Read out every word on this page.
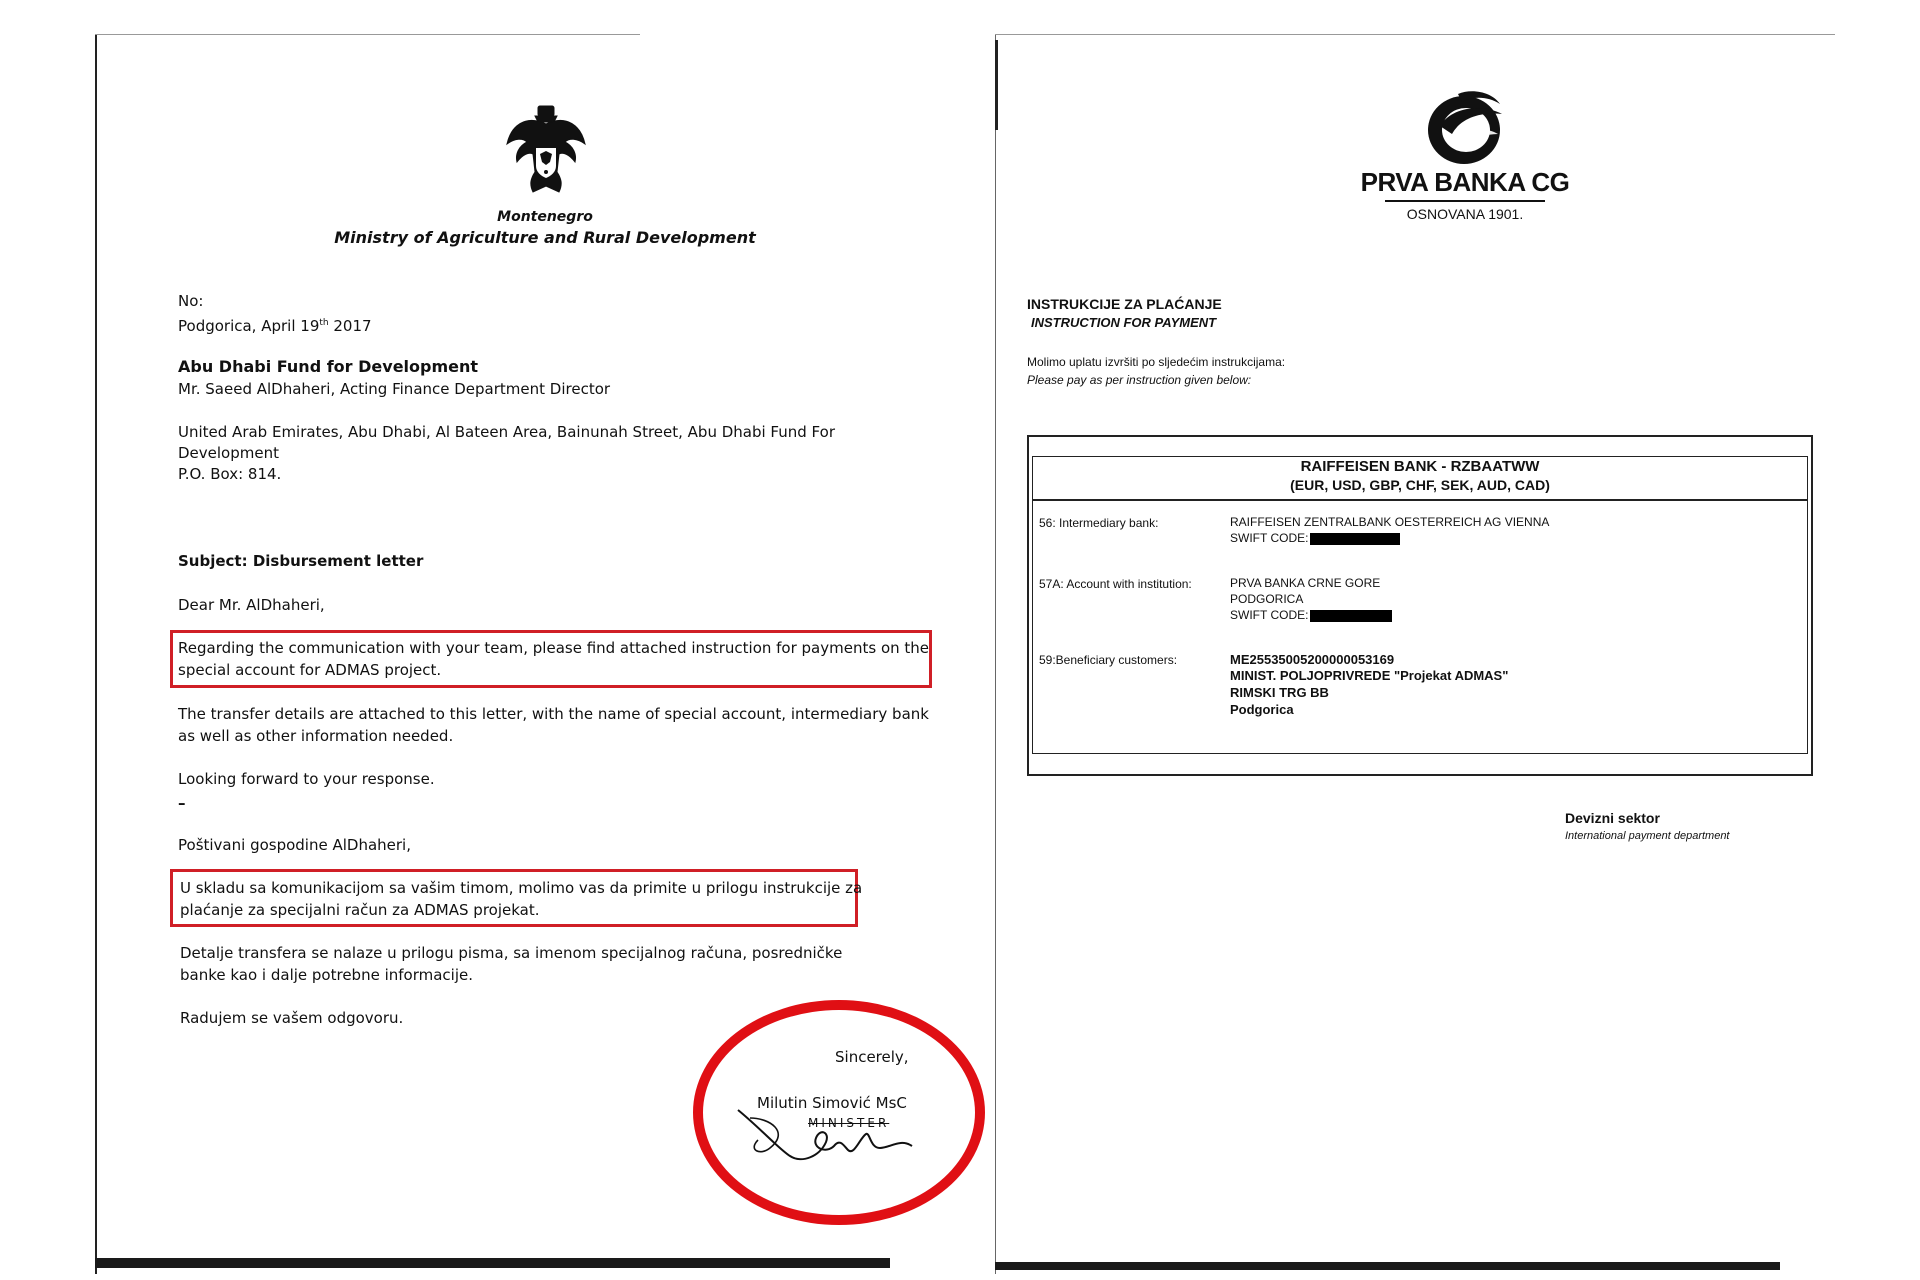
Montenegro
Ministry of Agriculture and Rural Development
No:
Podgorica, April 19th 2017
Abu Dhabi Fund for Development
Mr. Saeed AlDhaheri, Acting Finance Department Director
United Arab Emirates, Abu Dhabi, Al Bateen Area, Bainunah Street, Abu Dhabi Fund For
Development
P.O. Box: 814.
Subject: Disbursement letter
Dear Mr. AlDhaheri,
Regarding the communication with your team, please find attached instruction for payments on the
special account for ADMAS project.
The transfer details are attached to this letter, with the name of special account, intermediary bank
as well as other information needed.
Looking forward to your response.
–
Poštivani gospodine AlDhaheri,
U skladu sa komunikacijom sa vašim timom, molimo vas da primite u prilogu instrukcije za
plaćanje za specijalni račun za ADMAS projekat.
Detalje transfera se nalaze u prilogu pisma, sa imenom specijalnog računa, posredničke
banke kao i dalje potrebne informacije.
Radujem se vašem odgovoru.
Sincerely,
Milutin Simović MsC
MINISTER
PRVA BANKA CG
OSNOVANA 1901.
INSTRUKCIJE ZA PLAĆANJE
INSTRUCTION FOR PAYMENT
Molimo uplatu izvršiti po sljedećim instrukcijama:
Please pay as per instruction given below:
RAIFFEISEN BANK - RZBAATWW
(EUR, USD, GBP, CHF, SEK, AUD, CAD)
56: Intermediary bank:	RAIFFEISEN ZENTRALBANK OESTERREICH AG VIENNA
SWIFT CODE:
57A: Account with institution:	PRVA BANKA CRNE GORE
PODGORICA
SWIFT CODE:
59:Beneficiary customers:	ME25535005200000053169
MINIST. POLJOPRIVREDE "Projekat ADMAS"
RIMSKI TRG BB
Podgorica
Devizni sektor
International payment department
